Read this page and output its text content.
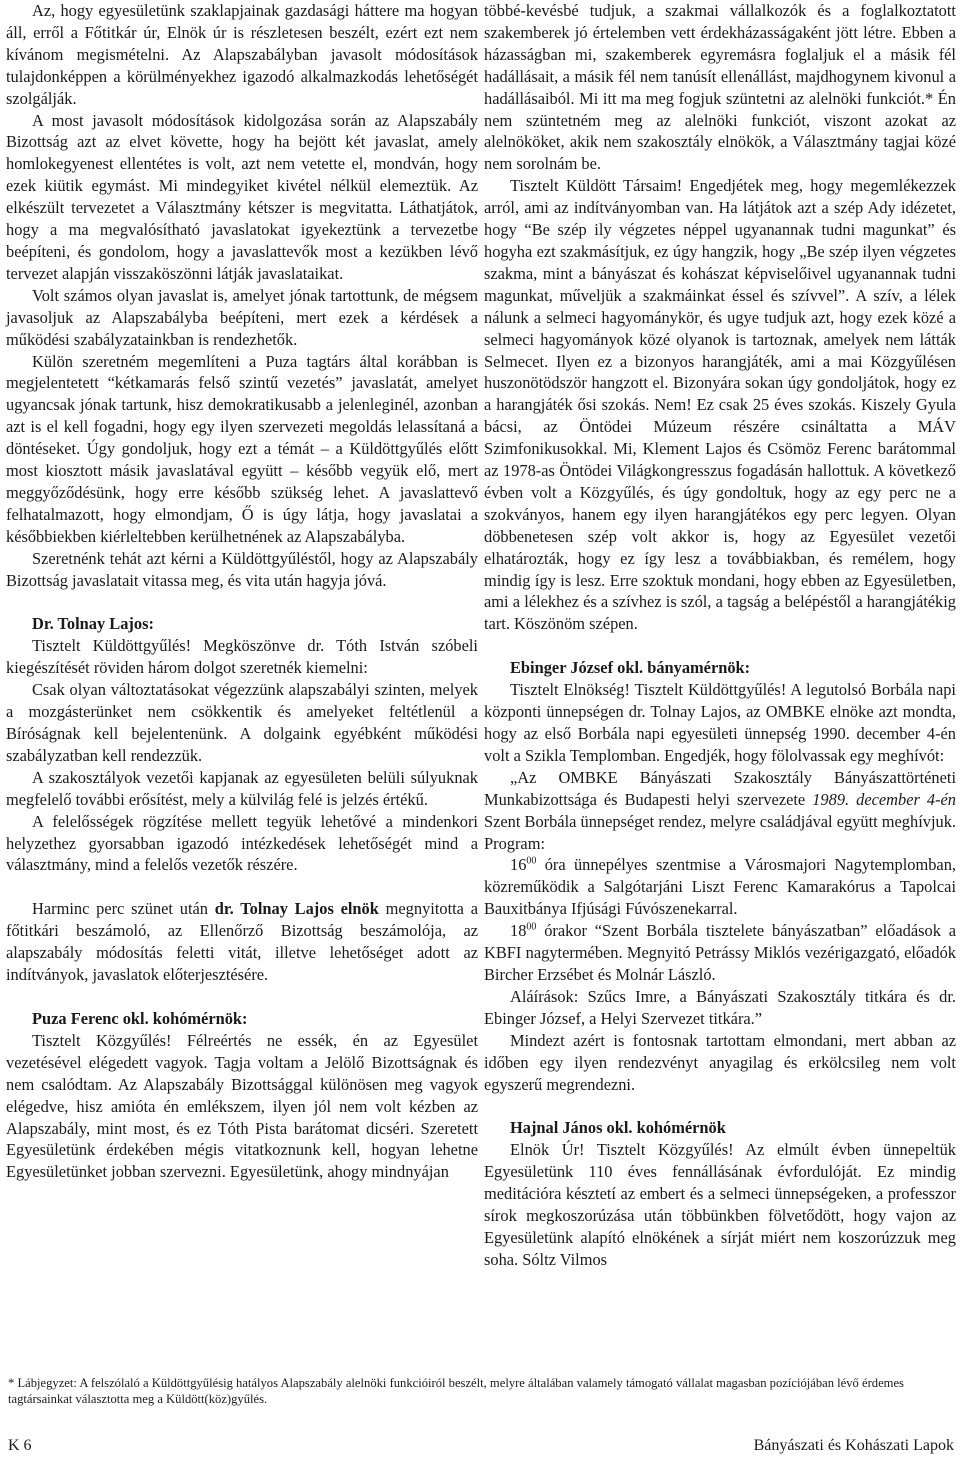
Az, hogy egyesületünk szaklapjainak gazdasági háttere ma hogyan áll, erről a Főtitkár úr, Elnök úr is részletesen beszélt, ezért ezt nem kívánom megismételni. Az Alapszabályban javasolt módosítások tulajdonképpen a körülményekhez igazodó alkalmazkodás lehetőségét szolgálják.

A most javasolt módosítások kidolgozása során az Alapszabály Bizottság azt az elvet követte, hogy ha bejött két javaslat, amely homlokegyenest ellentétes is volt, azt nem vetette el, mondván, hogy ezek kiütik egymást. Mi mindegyiket kivétel nélkül elemeztük. Az elkészült tervezetet a Választmány kétszer is megvitatta. Láthatjátok, hogy a ma megvalósítható javaslatokat igyekeztünk a tervezetbe beépíteni, és gondolom, hogy a javaslattevők most a kezükben lévő tervezet alapján visszaköszönni látják javaslataikat.

Volt számos olyan javaslat is, amelyet jónak tartottunk, de mégsem javasoljuk az Alapszabályba beépíteni, mert ezek a kérdések a működési szabályzatainkban is rendezhetők.

Külön szeretném megemlíteni a Puza tagtárs által korábban is megjelentetett “kétkamarás felső szintű vezetés” javaslatát, amelyet ugyancsak jónak tartunk, hisz demokratikusabb a jelenleginél, azonban azt is el kell fogadni, hogy egy ilyen szervezeti megoldás lelassítaná a döntéseket. Úgy gondoljuk, hogy ezt a témát – a Küldöttgyűlés előtt most kiosztott másik javaslatával együtt – később vegyük elő, mert meggyőződésünk, hogy erre később szükség lehet. A javaslattevő felhatalmazott, hogy elmondjam, Ő is úgy látja, hogy javaslatai a későbbiekben kiérleltebben kerülhetnének az Alapszabályba.

Szeretnénk tehát azt kérni a Küldöttgyűléstől, hogy az Alapszabály Bizottság javaslatait vitassa meg, és vita után hagyja jóvá.

Dr. Tolnay Lajos:

Tisztelt Küldöttgyűlés! Megköszönve dr. Tóth István szóbeli kiegészítését röviden három dolgot szeretnék kiemelni:

Csak olyan változtatásokat végezzünk alapszabályi szinten, melyek a mozgásterünket nem csökkentik és amelyeket feltétlenül a Bíróságnak kell bejelentenünk. A dolgaink egyébként működési szabályzatban kell rendezzük.

A szakosztályok vezetői kapjanak az egyesületen belüli súlyuknak megfelelő további erősítést, mely a külvilág felé is jelzés értékű.

A felelősségek rögzítése mellett tegyük lehetővé a mindenkori helyzethez gyorsabban igazodó intézkedések lehetőségét mind a választmány, mind a felelős vezetők részére.

Harminc perc szünet után dr. Tolnay Lajos elnök megnyitotta a főtitkári beszámoló, az Ellenőrző Bizottság beszámolója, az alapszabály módosítás feletti vitát, illetve lehetőséget adott az indítványok, javaslatok előterjesztésére.

Puza Ferenc okl. kohómérnök:

Tisztelt Közgyűlés! Félreértés ne essék, én az Egyesület vezetésével elégedett vagyok. Tagja voltam a Jelölő Bizottságnak és nem csalódtam. Az Alapszabály Bizottsággal különösen meg vagyok elégedve, hisz amióta én emlékszem, ilyen jól nem volt kézben az Alapszabály, mint most, és ez Tóth Pista barátomat dicséri. Szeretett Egyesületünk érdekében mégis vitatkoznunk kell, hogyan lehetne Egyesületünket jobban szervezni. Egyesületünk, ahogy mindnyájan

többé-kevésbé tudjuk, a szakmai vállalkozók és a foglalkoztatott szakemberek jó értelemben vett érdekházasságaként jött létre. Ebben a házasságban mi, szakemberek egyremásra foglaljuk el a másik fél hadállásait, a másik fél nem tanúsít ellenállást, majdhogynem kivonul a hadállásaiból. Mi itt ma meg fogjuk szüntetni az alelnöki funkciót.* Én nem szüntetném meg az alelnöki funkciót, viszont azokat az alelnököket, akik nem szakosztály elnökök, a Választmány tagjai közé nem sorolnám be.

Tisztelt Küldött Társaim! Engedjétek meg, hogy megemlékezzek arról, ami az indítványomban van. Ha látjátok azt a szép Ady idézetet, hogy “Be szép ily végzetes néppel ugyanannak tudni magunkat” és hogyha ezt szakmásítjuk, ez úgy hangzik, hogy „Be szép ilyen végzetes szakma, mint a bányászat és kohászat képviselőivel ugyanannak tudni magunkat, műveljük a szakmáinkat éssel és szívvel”. A szív, a lélek nálunk a selmeci hagyománykör, és ugye tudjuk azt, hogy ezek közé a selmeci hagyományok közé olyanok is tartoznak, amelyek nem látták Selmecet. Ilyen ez a bizonyos harangjáték, ami a mai Közgyűlésen huszonötödször hangzott el. Bizonyára sokan úgy gondoljátok, hogy ez a harangjáték ősi szokás. Nem! Ez csak 25 éves szokás. Kiszely Gyula bácsi, az Öntödei Múzeum részére csináltatta a MÁV Szimfonikusokkal. Mi, Klement Lajos és Csömöz Ferenc barátommal az 1978-as Öntödei Világkongresszus fogadásán hallottuk. A következő évben volt a Közgyűlés, és úgy gondoltuk, hogy az egy perc ne a szokványos, hanem egy ilyen harangjátékos egy perc legyen. Olyan döbbenetesen szép volt akkor is, hogy az Egyesület vezetői elhatározták, hogy ez így lesz a továbbiakban, és remélem, hogy mindig így is lesz. Erre szoktuk mondani, hogy ebben az Egyesületben, ami a lélekhez és a szívhez is szól, a tagság a belépéstől a harangjátékig tart. Köszönöm szépen.

Ebinger József okl. bányamérnök:

Tisztelt Elnökség! Tisztelt Küldöttgyűlés! A legutolsó Borbála napi központi ünnepségen dr. Tolnay Lajos, az OMBKE elnöke azt mondta, hogy az első Borbála napi egyesületi ünnepség 1990. december 4-én volt a Szikla Templomban. Engedjék, hogy fölolvassak egy meghívót:

„Az OMBKE Bányászati Szakosztály Bányászattörténeti Munkabizottsága és Budapesti helyi szervezete 1989. december 4-én Szent Borbála ünnepséget rendez, melyre családjával együtt meghívjuk. Program:

$16^{00}$ óra ünnepélyes szentmise a Városmajori Nagytemplomban, közreműködik a Salgótarjáni Liszt Ferenc Kamarakórus a Tapolcai Bauxitbánya Ifjúsági Fúvószenekarral.

$18^{00}$ órakor “Szent Borbála tisztelete bányászatban” előadások a KBFI nagytermében. Megnyitó Petrássy Miklós vezérigazgató, előadók Bircher Erzsébet és Molnár László.

Aláírások: Szűcs Imre, a Bányászati Szakosztály titkára és dr. Ebinger József, a Helyi Szervezet titkára.”

Mindezt azért is fontosnak tartottam elmondani, mert abban az időben egy ilyen rendezvényt anyagilag és erkölcsileg nem volt egyszerű megrendezni.

Hajnal János okl. kohómérnök

Elnök Úr! Tisztelt Közgyűlés! Az elmúlt évben ünnepeltük Egyesületünk 110 éves fennállásának évfordulóját. Ez mindig meditációra késztetí az embert és a selmeci ünnepségeken, a professzor sírok megkoszorúzása után többünkben fölvetődött, hogy vajon az Egyesületünk alapító elnökének a sírját miért nem koszorúzzuk meg soha. Sóltz Vilmos

* Lábjegyzet: A felszólaló a Küldöttgyűlésig hatályos Alapszabály alelnöki funkcióiról beszélt, melyre általában valamely támogató vállalat magasban pozíciójában lévő érdemes tagtársainkat választotta meg a Küldött(köz)gyűlés.
K 6	Bányászati és Kohászati Lapok
